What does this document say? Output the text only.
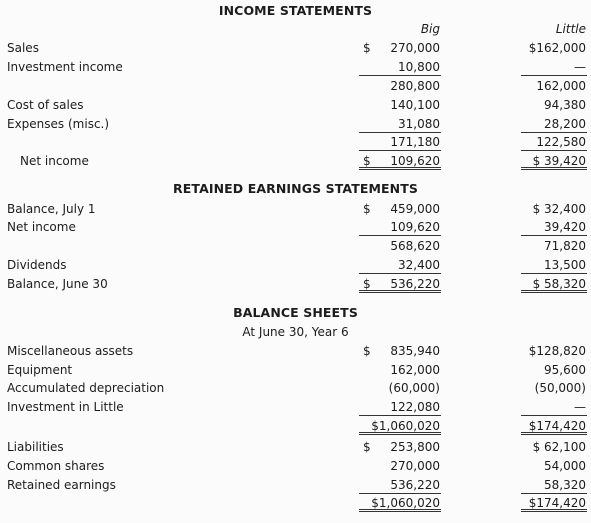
INCOME STATEMENTS
Big	Little
Sales	$ 270,000	$162,000
Investment income	10,800	—
280,800	162,000
Cost of sales	140,100	94,380
Expenses (misc.)	31,080	28,200
171,180	122,580
Net income	$ 109,620	$ 39,420
RETAINED EARNINGS STATEMENTS
Balance, July 1	$ 459,000	$ 32,400
Net income	109,620	39,420
568,620	71,820
Dividends	32,400	13,500
Balance, June 30	$ 536,220	$ 58,320
BALANCE SHEETS
At June 30, Year 6
Miscellaneous assets	$ 835,940	$128,820
Equipment	162,000	95,600
Accumulated depreciation	(60,000)	(50,000)
Investment in Little	122,080	—
$1,060,020	$174,420
Liabilities	$ 253,800	$ 62,100
Common shares	270,000	54,000
Retained earnings	536,220	58,320
$1,060,020	$174,420
